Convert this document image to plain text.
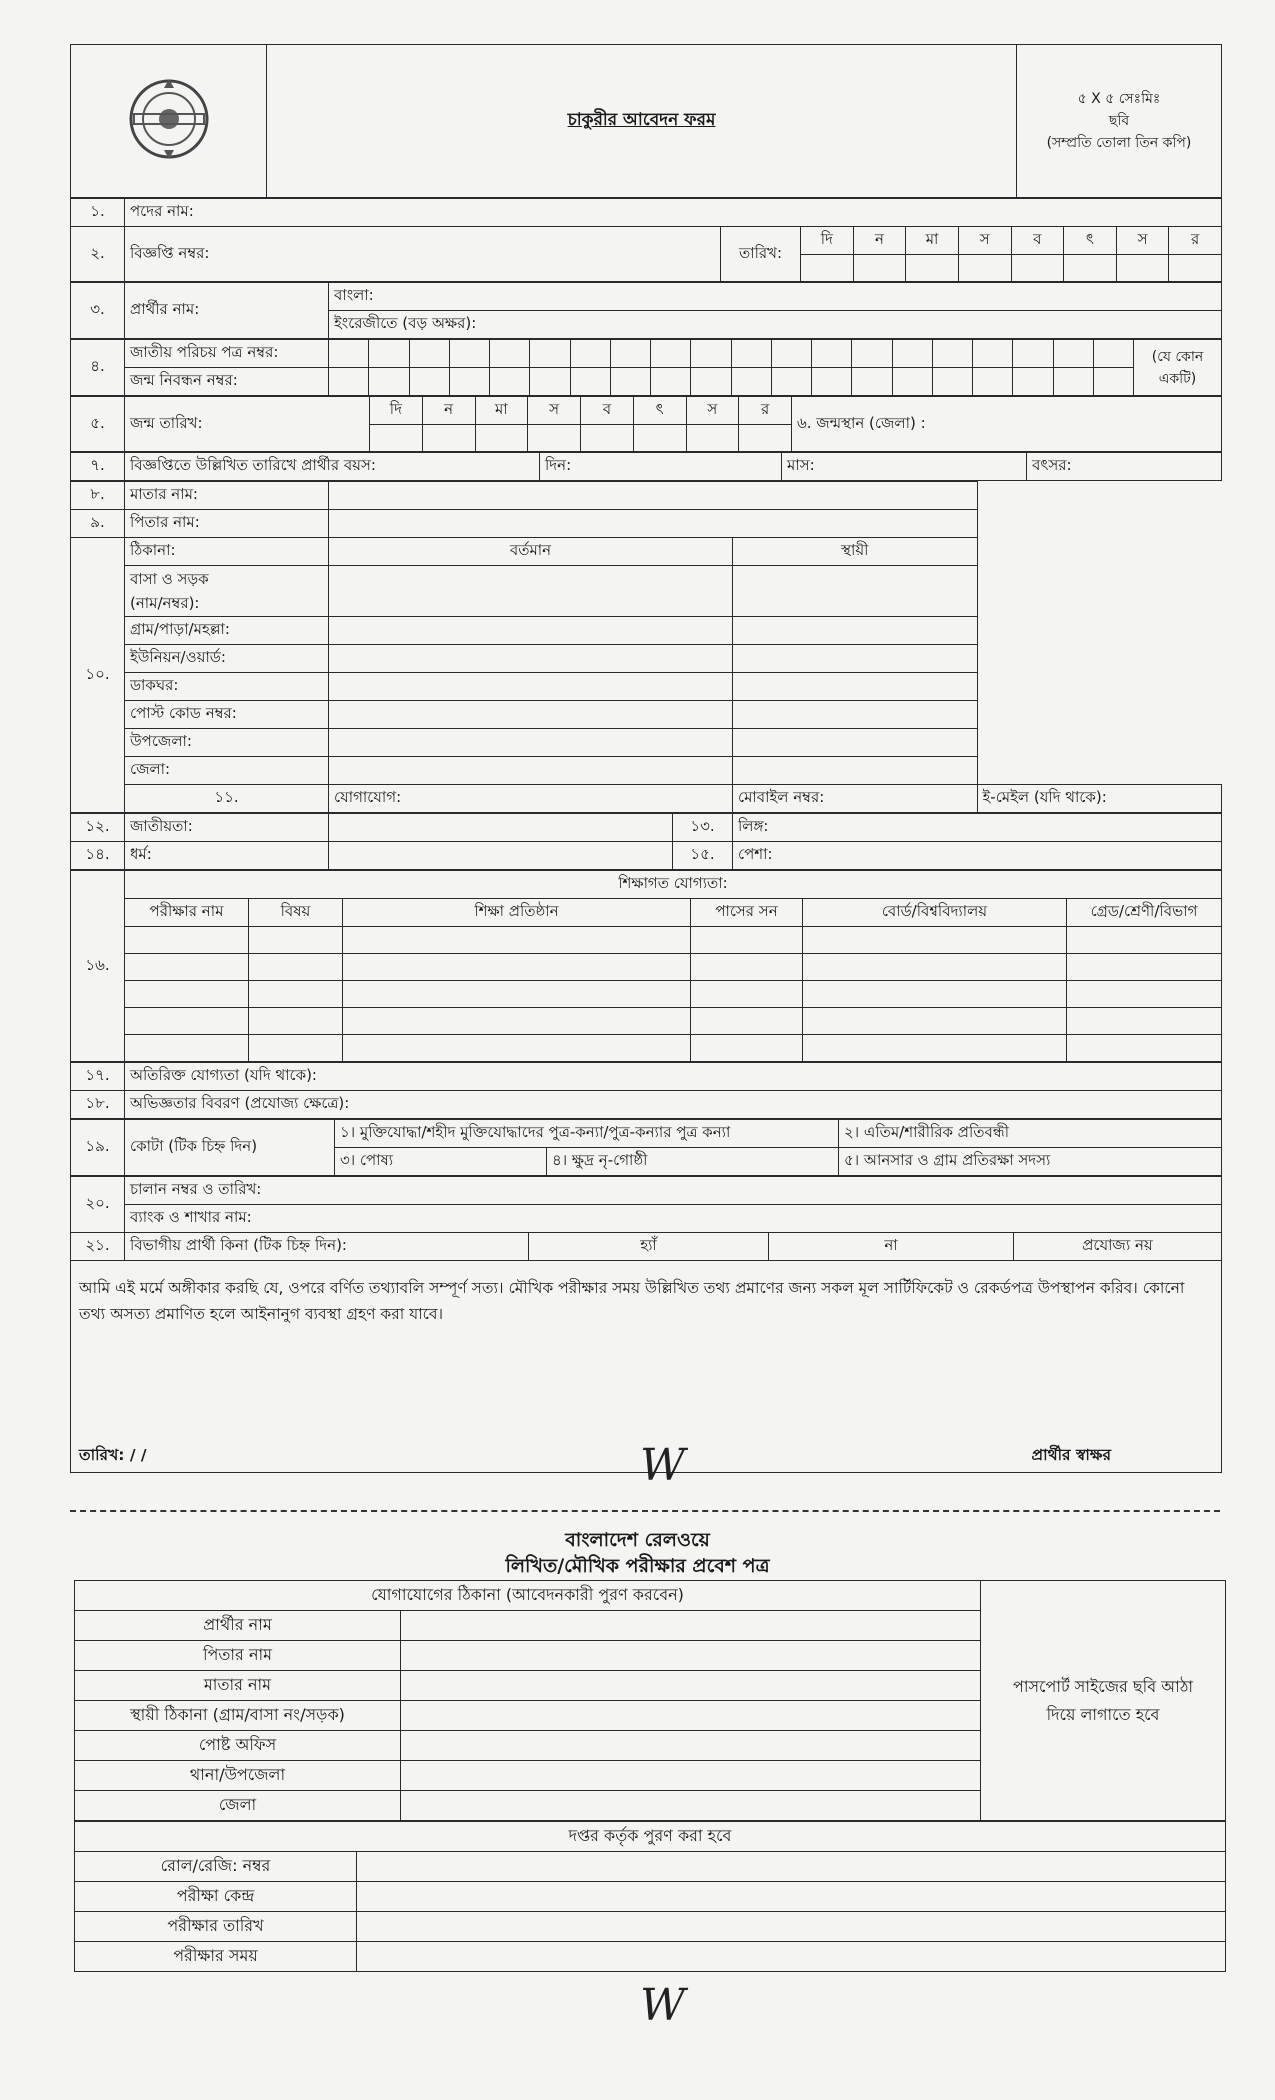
	চাকুরীর আবেদন ফরম	
৫ X ৫ সেঃমিঃ
ছবি
(সম্প্রতি তোলা তিন কপি)
১.	পদের নাম:									
২.	বিজ্ঞপ্তি নম্বর:	তারিখ:	দি	ন	মা	স	ব	ৎ	স	র

৩.	প্রার্থীর নাম:	বাংলা:
ইংরেজীতে (বড় অক্ষর):
৪.	জাতীয় পরিচয় পত্র নম্বর:																					(যে কোন একটি)
	জন্ম নিবন্ধন নম্বর:																					
৫.	জন্ম তারিখ:	দি	ন	মা	স	ব	ৎ	স	র	৬. জন্মস্থান (জেলা) :

৭.	বিজ্ঞপ্তিতে উল্লিখিত তারিখে প্রার্থীর বয়স:	দিন:	মাস:	বৎসর:
৮.	মাতার নাম:			
৯.	পিতার নাম:			
১০.	ঠিকানা:	বর্তমান	স্থায়ী	

	বাসা ও সড়ক
(নাম/নম্বর):			

	গ্রাম/পাড়া/মহল্লা:			
	ইউনিয়ন/ওয়ার্ড:			
	ডাকঘর:			
	পোস্ট কোড নম্বর:			
	উপজেলা:			
	জেলা:			
	১১.	যোগাযোগ:	মোবাইল নম্বর:	ই-মেইল (যদি থাকে):
১২.	জাতীয়তা:		১৩.	লিঙ্গ:
১৪.	ধর্ম:		১৫.	পেশা:
১৬.	শিক্ষাগত যোগ্যতা:					
	পরীক্ষার নাম	বিষয়	শিক্ষা প্রতিষ্ঠান	পাসের সন	বোর্ড/বিশ্ববিদ্যালয়	গ্রেড/শ্রেণী/বিভাগ

১৭.	অতিরিক্ত যোগ্যতা (যদি থাকে):
১৮.	অভিজ্ঞতার বিবরণ (প্রযোজ্য ক্ষেত্রে):
১৯.	কোটা (টিক চিহ্ন দিন)	১। মুক্তিযোদ্ধা/শহীদ মুক্তিযোদ্ধাদের পুত্র-কন্যা/পুত্র-কন্যার পুত্র কন্যা		২। এতিম/শারীরিক প্রতিবন্ধী
		৩। পোষ্য	৪। ক্ষুদ্র নৃ-গোষ্ঠী	৫। আনসার ও গ্রাম প্রতিরক্ষা সদস্য
২০.	চালান নম্বর ও তারিখ:			
	ব্যাংক ও শাখার নাম:			
২১.	বিভাগীয় প্রার্থী কিনা (টিক চিহ্ন দিন):	হ্যাঁ	না	প্রযোজ্য নয়
আমি এই মর্মে অঙ্গীকার করছি যে, ওপরে বর্ণিত তথ্যাবলি সম্পূর্ণ সত্য। মৌখিক পরীক্ষার সময় উল্লিখিত তথ্য প্রমাণের জন্য সকল মূল সার্টিফিকেট ও রেকর্ডপত্র উপস্থাপন করিব। কোনো তথ্য অসত্য প্রমাণিত হলে আইনানুগ ব্যবস্থা গ্রহণ করা যাবে।
তারিখ: / /	প্রার্থীর স্বাক্ষর
W
বাংলাদেশ রেলওয়ে
লিখিত/মৌখিক পরীক্ষার প্রবেশ পত্র
যোগাযোগের ঠিকানা (আবেদনকারী পুরণ করবেন)		পাসপোর্ট সাইজের ছবি আঠা দিয়ে লাগাতে হবে
প্রার্থীর নাম		
পিতার নাম		
মাতার নাম		
স্থায়ী ঠিকানা (গ্রাম/বাসা নং/সড়ক)		
পোষ্ট অফিস		
থানা/উপজেলা		
জেলা		
দপ্তর কর্তৃক পুরণ করা হবে	
রোল/রেজি: নম্বর	
পরীক্ষা কেন্দ্র	
পরীক্ষার তারিখ	
পরীক্ষার সময়	
W
